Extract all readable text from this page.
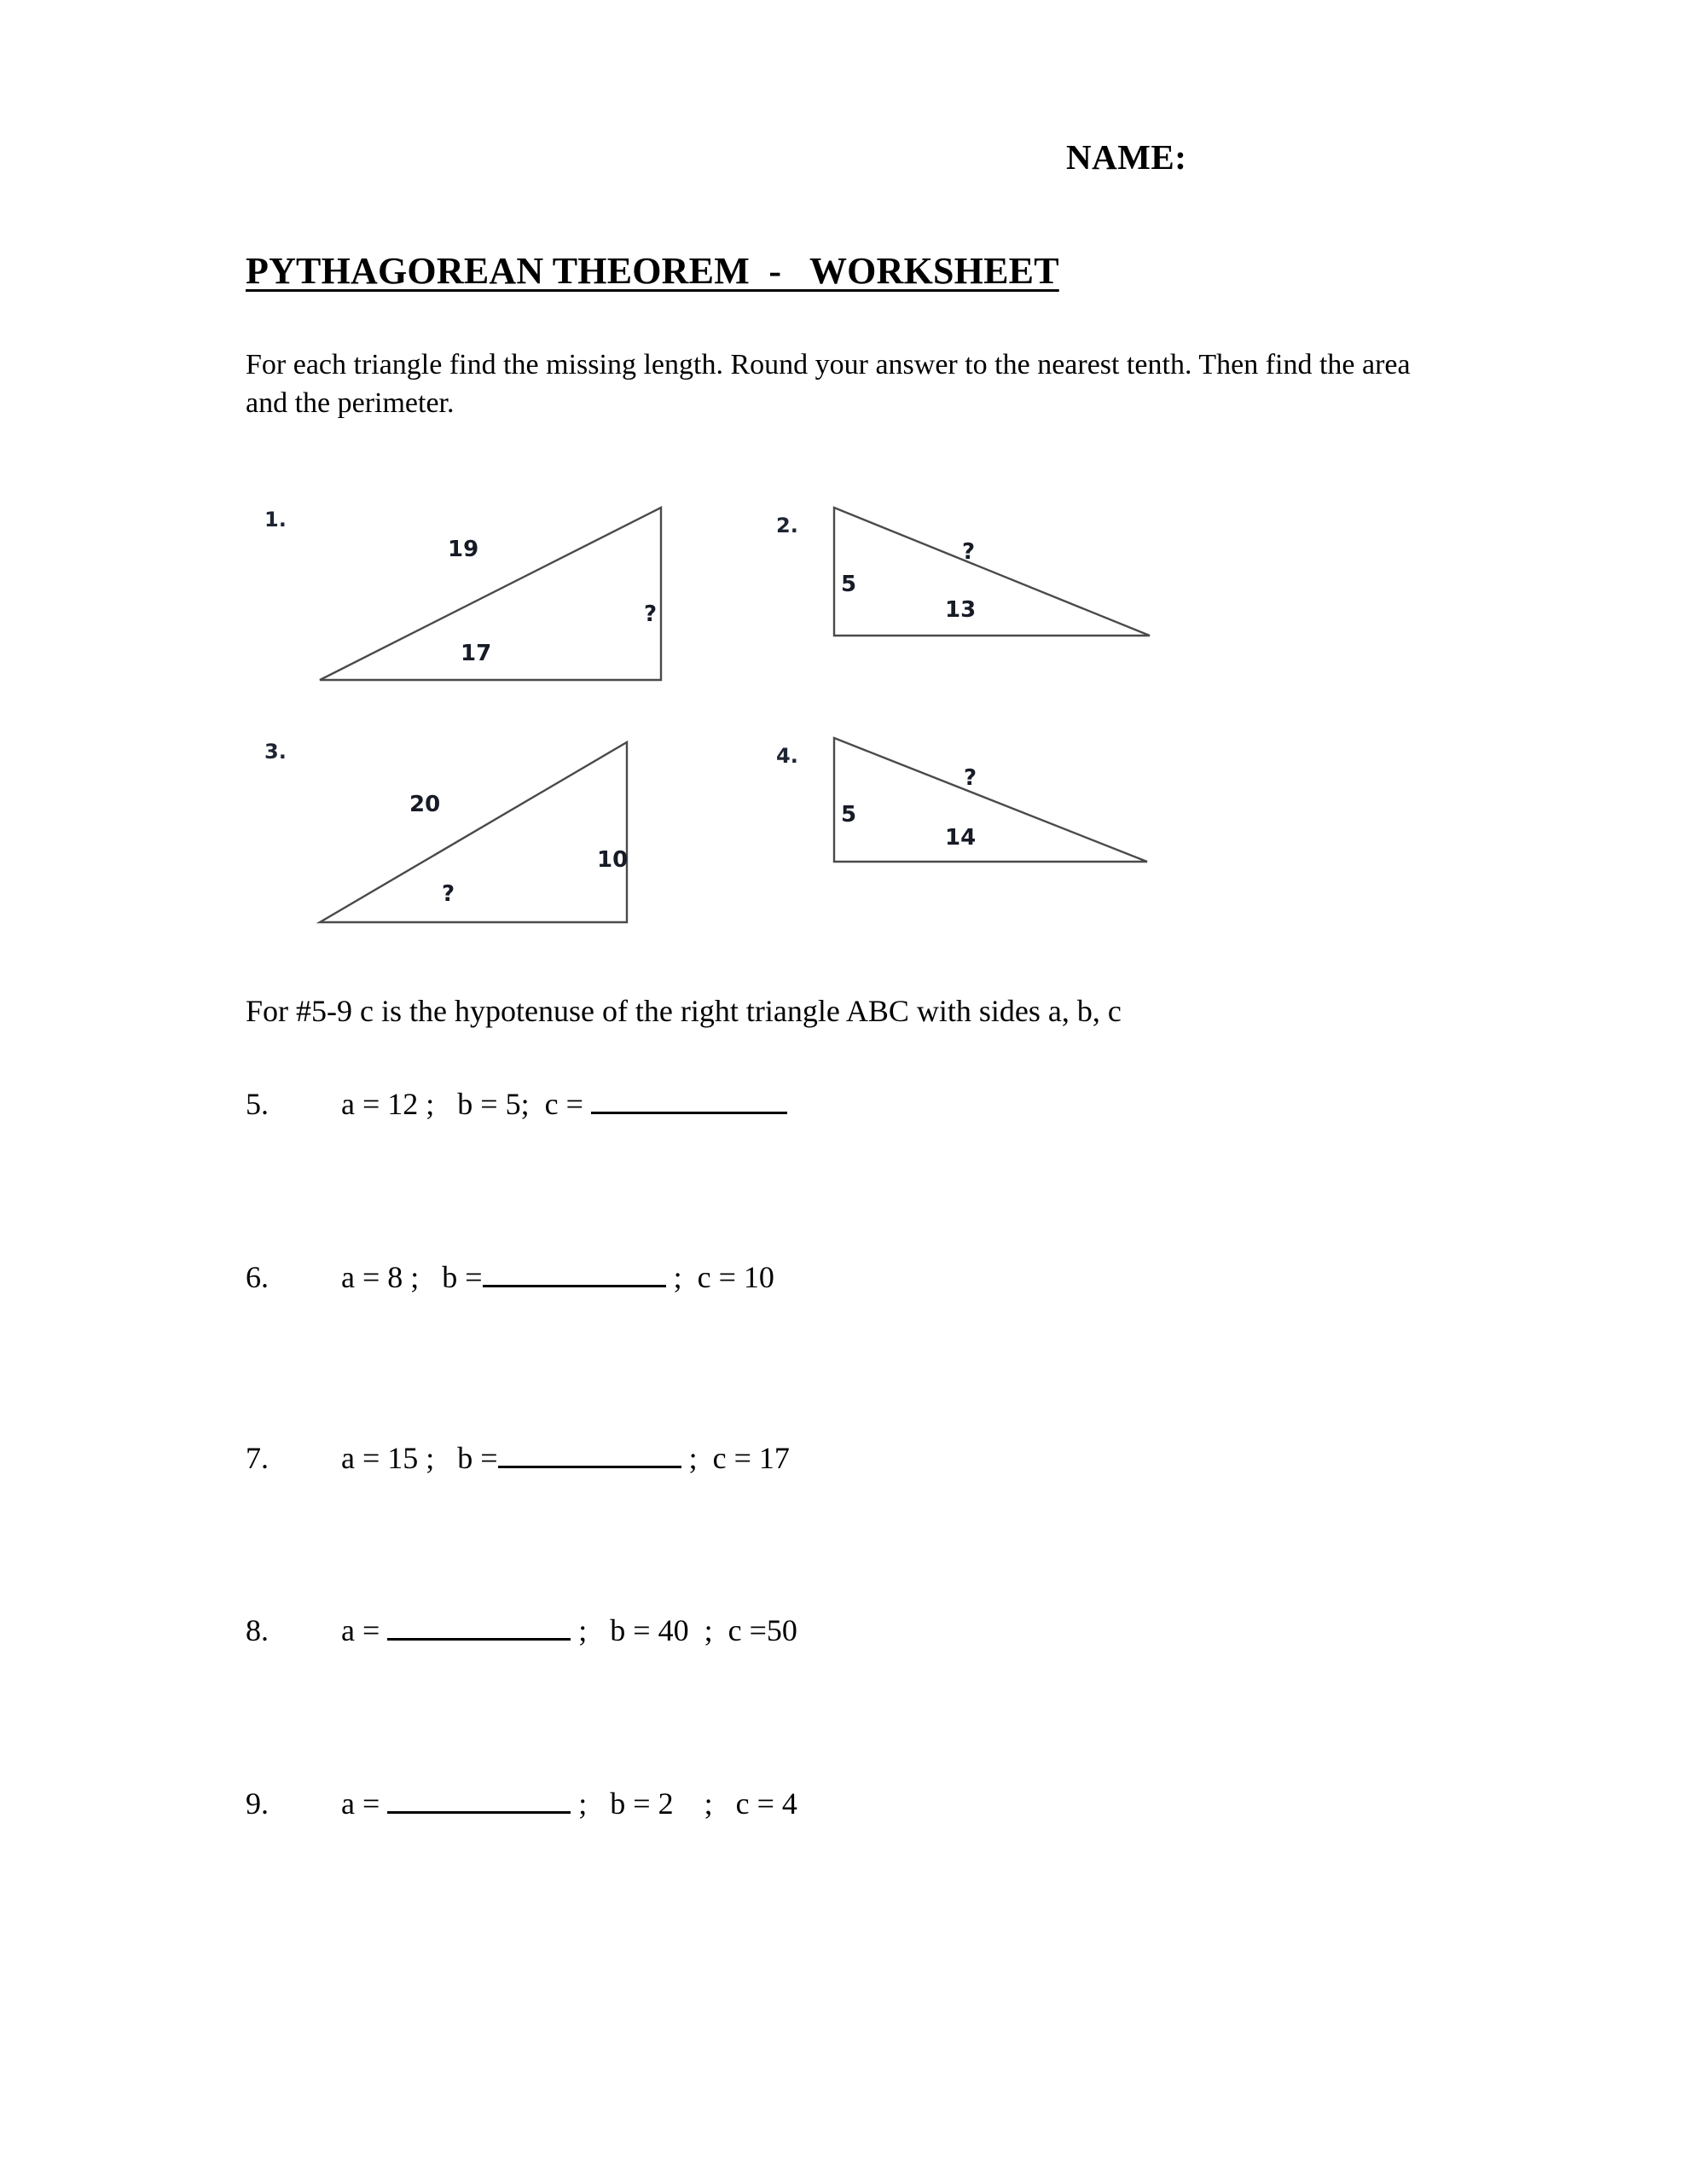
NAME:
PYTHAGOREAN THEOREM  -   WORKSHEET
For each triangle find the missing length. Round your answer to the nearest tenth. Then find the area and the perimeter.
1.
19
17
?
2.
5
13
?
3.
20
10
?
4.
5
14
?
For #5-9 c is the hypotenuse of the right triangle ABC with sides a, b, c
5.	a = 12 ;   b = 5;  c =
6.	a = 8 ;   b =	;  c = 10
7.	a = 15 ;   b =	;  c = 17
8.	a =	;   b = 40  ;  c =50
9.	a =	;   b = 2    ;   c = 4
